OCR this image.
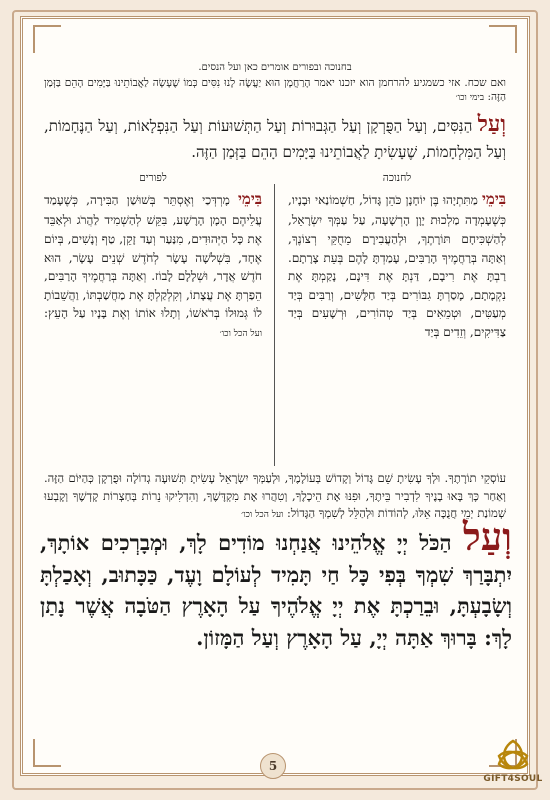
בחנוכה ובפורים אומרים כאן ועל הנסים.

ואם שכח. אזי כשמגיע להרחמן הוא יזכנו יאמר הָרַחֲמָן הוּא יַעֲשֶׂה לָנוּ נִסִּים כְּמוֹ שֶׁעָשָׂה לַאֲבוֹתֵינוּ בַּיָּמִים הָהֵם בַּזְּמַן הַזֶּה: בימי וכו׳

וְעַל הַנִּסִּים, וְעַל הַפֻּרְקָן וְעַל הַגְּבוּרוֹת וְעַל הַתְּשׁוּעוֹת וְעַל הַנִּפְלָאוֹת, וְעַל הַנֶּחָמוֹת, וְעַל הַמִּלְחָמוֹת, שֶׁעָשִׂיתָ לַאֲבוֹתֵינוּ בַּיָּמִים הָהֵם בַּזְּמַן הַזֶּה.

לחנוכה
בִּימֵי מַתִּתְיָהוּ בֶּן יוֹחָנָן כֹּהֵן גָּדוֹל, חַשְׁמוֹנַאי וּבָנָיו, כְּשֶׁעָמְדָה מַלְכוּת יָוָן הָרְשָׁעָה, עַל עַמְּךָ יִשְׂרָאֵל, לְהַשְׁכִּיחָם תּוֹרָתֶךָ, וּלְהַעֲבִירָם מֵחֻקֵּי רְצוֹנֶךָ, וְאַתָּה בְּרַחֲמֶיךָ הָרַבִּים, עָמַדְתָּ לָהֶם בְּעֵת צָרָתָם. רַבְתָּ אֶת רִיבָם, דַּנְתָּ אֶת דִּינָם, נָקַמְתָּ אֶת נִקְמָתָם, מָסַרְתָּ גִבּוֹרִים בְּיַד חַלָּשִׁים, וְרַבִּים בְּיַד מְעַטִּים, וּטְמֵאִים בְּיַד טְהוֹרִים, וּרְשָׁעִים בְּיַד צַדִּיקִים, וְזֵדִים בְּיַד
לפורים
בִּימֵי מָרְדְּכַי וְאֶסְתֵּר בְּשׁוּשַׁן הַבִּירָה, כְּשֶׁעָמַד עֲלֵיהֶם הָמָן הָרָשָׁע, בִּקֵּשׁ לְהַשְׁמִיד לַהֲרֹג וּלְאַבֵּד אֶת כָּל הַיְּהוּדִים, מִנַּעַר וְעַד זָקֵן, טַף וְנָשִׁים, בְּיוֹם אֶחָד, בִּשְׁלֹשָׁה עָשָׂר לְחֹדֶשׁ שְׁנֵים עָשָׂר, הוּא חֹדֶשׁ אֲדָר, וּשְׁלָלָם לָבוֹז. וְאַתָּה בְּרַחֲמֶיךָ הָרַבִּים, הֵפַרְתָּ אֶת עֲצָתוֹ, וְקִלְקַלְתָּ אֶת מַחֲשַׁבְתּוֹ, וַהֲשֵׁבוֹתָ לוֹ גְּמוּלוֹ בְּרֹאשׁוֹ, וְתָלוּ אוֹתוֹ וְאֶת בָּנָיו עַל הָעֵץ: ועל הכל וכו׳

עוֹסְקֵי תוֹרָתֶךָ. וּלְךָ עָשִׂיתָ שֵׁם גָּדוֹל וְקָדוֹשׁ בְּעוֹלָמֶךָ, וּלְעַמְּךָ יִשְׂרָאֵל עָשִׂיתָ תְּשׁוּעָה גְדוֹלָה וּפֻרְקָן כְּהַיּוֹם הַזֶּה. וְאַחַר כָּךְ בָּאוּ בָנֶיךָ לִדְבִיר בֵּיתֶךָ, וּפִנּוּ אֶת הֵיכָלֶךָ, וְטִהֲרוּ אֶת מִקְדָּשֶׁךָ, וְהִדְלִיקוּ נֵרוֹת בְּחַצְרוֹת קָדְשֶׁךָ וְקָבְעוּ שְׁמוֹנַת יְמֵי חֲנֻכָּה אֵלּוּ, לְהוֹדוֹת וּלְהַלֵּל לְשִׁמְךָ הַגָּדוֹל: ועל הכל וכו׳	וְעַל הַכֹּל יְיָ אֱלֹהֵינוּ אֲנַחְנוּ מוֹדִים לָךְ, וּמְבָרְכִים אוֹתָךְ, יִתְבָּרַךְ שִׁמְךָ בְּפִי כָּל חַי תָּמִיד לְעוֹלָם וָעֶד, כַּכָּתוּב, וְאָכַלְתָּ וְשָׂבָעְתָּ, וּבֵרַכְתָּ אֶת יְיָ אֱלֹהֶיךָ עַל הָאָרֶץ הַטֹּבָה אֲשֶׁר נָתַן לָךְ: בָּרוּךְ אַתָּה יְיָ, עַל הָאָרֶץ וְעַל הַמָּזוֹן.

5
GIFT4SOUL
